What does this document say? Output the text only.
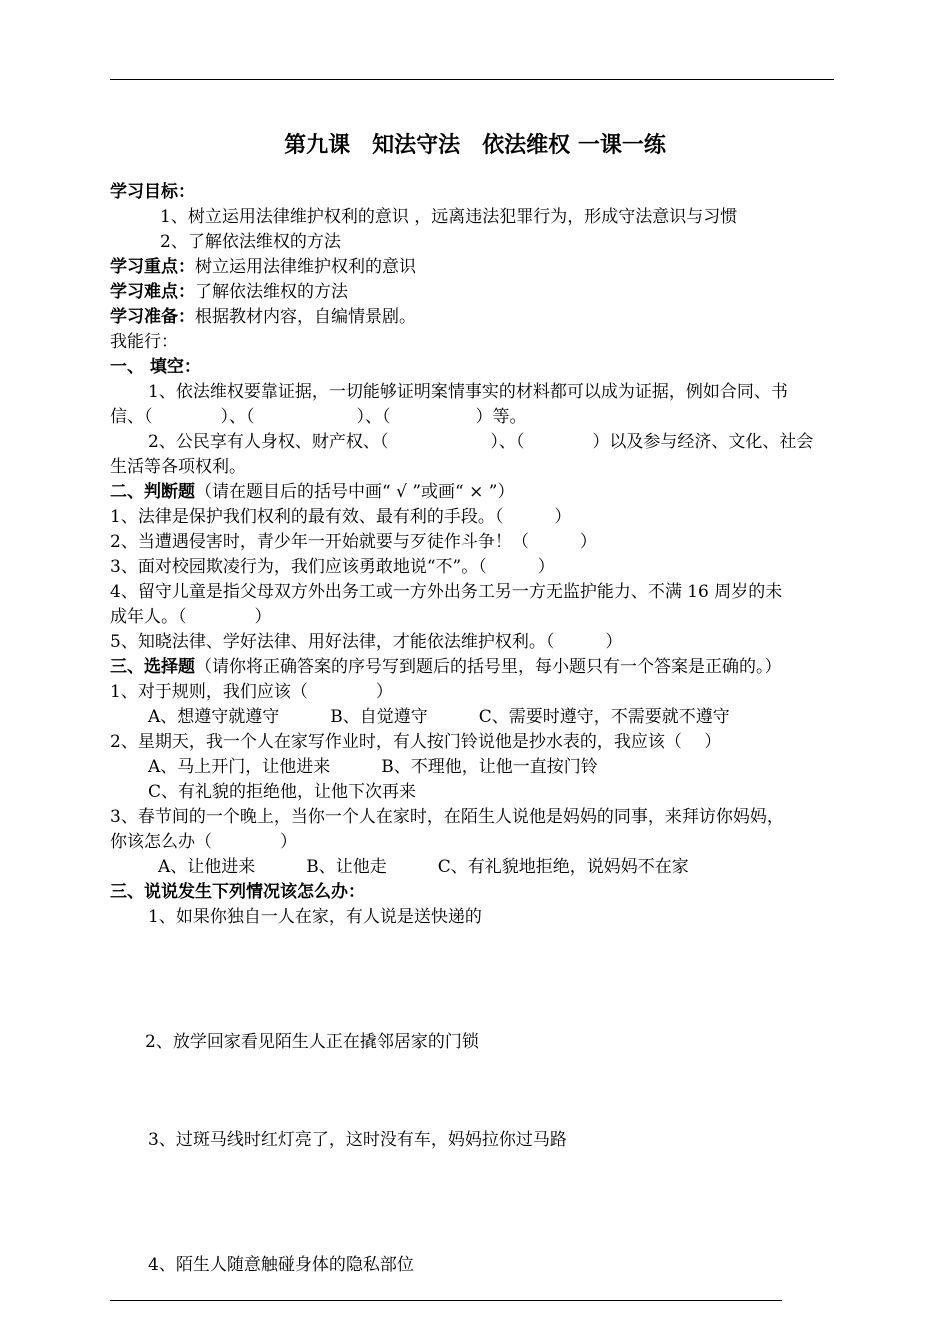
第九课　知法守法　依法维权 一课一练
学习目标：
1、树立运用法律维护权利的意识 ，远离违法犯罪行为，形成守法意识与习惯
2、了解依法维权的方法
学习重点：树立运用法律维护权利的意识
学习难点：了解依法维权的方法
学习准备：根据教材内容，自编情景剧。
我能行：
一、 填空：
1、依法维权要靠证据，一切能够证明案情事实的材料都可以成为证据，例如合同、书
信、（　　　　）、（　　　　　　）、（　　　　　）等。
2、公民享有人身权、财产权、（　　　　　　）、（　　　　）以及参与经济、文化、社会
生活等各项权利。
二、判断题（请在题目后的括号中画“ √ ”或画“ × ”）
1、法律是保护我们权利的最有效、最有利的手段。（　　　）
2、当遭遇侵害时，青少年一开始就要与歹徒作斗争！（　　　）
3、面对校园欺凌行为，我们应该勇敢地说“不”。（　　　）
4、留守儿童是指父母双方外出务工或一方外出务工另一方无监护能力、不满 16 周岁的未
成年人。（　　　　）
5、知晓法律、学好法律、用好法律，才能依法维护权利。（　　　）
三、选择题（请你将正确答案的序号写到题后的括号里，每小题只有一个答案是正确的。）
1、对于规则，我们应该（　　　　）
A、想遵守就遵守　　　B、自觉遵守　　　C、需要时遵守，不需要就不遵守
2、星期天，我一个人在家写作业时，有人按门铃说他是抄水表的，我应该（　 ）
A、马上开门，让他进来　　　B、不理他，让他一直按门铃
C、有礼貌的拒绝他，让他下次再来
3、春节间的一个晚上，当你一个人在家时，在陌生人说他是妈妈的同事，来拜访你妈妈，
你该怎么办（　　　　）
A、让他进来　　　B、让他走　　　C、有礼貌地拒绝，说妈妈不在家
三、说说发生下列情况该怎么办：
1、如果你独自一人在家，有人说是送快递的
2、放学回家看见陌生人正在撬邻居家的门锁
3、过斑马线时红灯亮了，这时没有车，妈妈拉你过马路
4、陌生人随意触碰身体的隐私部位
